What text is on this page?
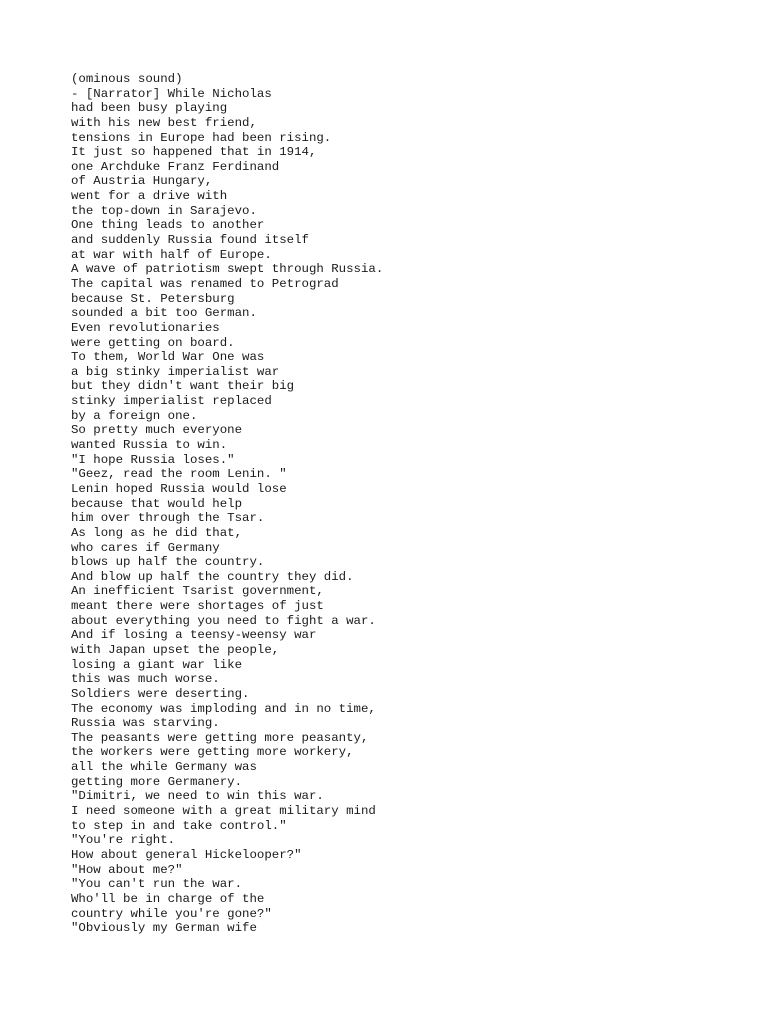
(ominous sound)
- [Narrator] While Nicholas
had been busy playing
with his new best friend,
tensions in Europe had been rising.
It just so happened that in 1914,
one Archduke Franz Ferdinand
of Austria Hungary,
went for a drive with
the top-down in Sarajevo.
One thing leads to another
and suddenly Russia found itself
at war with half of Europe.
A wave of patriotism swept through Russia.
The capital was renamed to Petrograd
because St. Petersburg
sounded a bit too German.
Even revolutionaries
were getting on board.
To them, World War One was
a big stinky imperialist war
but they didn't want their big
stinky imperialist replaced
by a foreign one.
So pretty much everyone
wanted Russia to win.
"I hope Russia loses."
"Geez, read the room Lenin. "
Lenin hoped Russia would lose
because that would help
him over through the Tsar.
As long as he did that,
who cares if Germany
blows up half the country.
And blow up half the country they did.
An inefficient Tsarist government,
meant there were shortages of just
about everything you need to fight a war.
And if losing a teensy-weensy war
with Japan upset the people,
losing a giant war like
this was much worse.
Soldiers were deserting.
The economy was imploding and in no time,
Russia was starving.
The peasants were getting more peasanty,
the workers were getting more workery,
all the while Germany was
getting more Germanery.
"Dimitri, we need to win this war.
I need someone with a great military mind
to step in and take control."
"You're right.
How about general Hickelooper?"
"How about me?"
"You can't run the war.
Who'll be in charge of the
country while you're gone?"
"Obviously my German wife
